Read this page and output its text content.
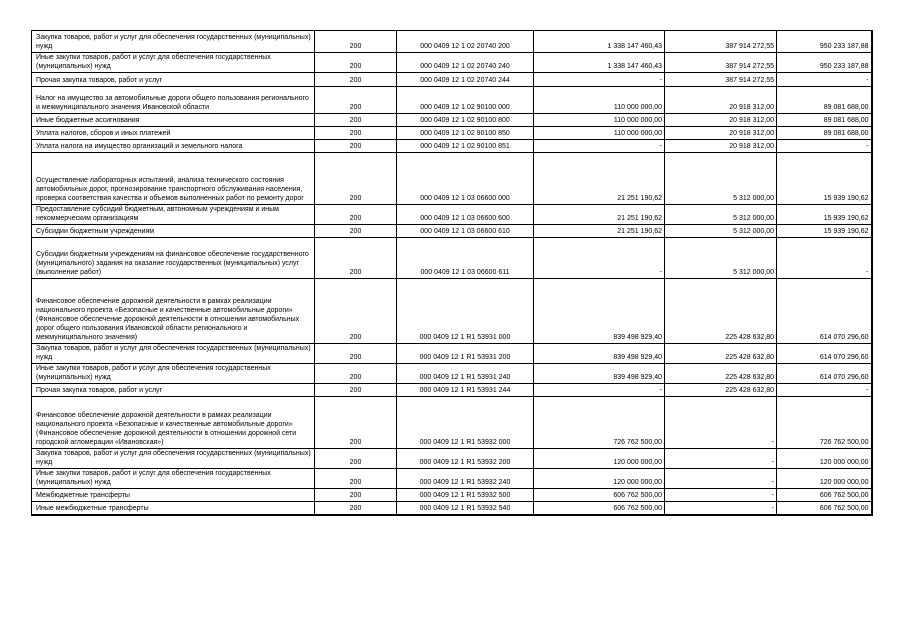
Закупка товаров, работ и услуг для обеспечения государственных (муниципальных) нужд	200	000 0409 12 1 02 20740 200	1 338 147 460,43	387 914 272,55	950 233 187,88
Иные закупки товаров, работ и услуг для обеспечения государственных (муниципальных) нужд	200	000 0409 12 1 02 20740 240	1 338 147 460,43	387 914 272,55	950 233 187,88
Прочая закупка товаров, работ и услуг	200	000 0409 12 1 02 20740 244	-	387 914 272,55	-
Налог на имущество за автомобильные дороги общего пользования регионального и межмуниципального значения Ивановской области	200	000 0409 12 1 02 90100 000	110 000 000,00	20 918 312,00	89 081 688,00
Иные бюджетные ассигнования	200	000 0409 12 1 02 90100 800	110 000 000,00	20 918 312,00	89 081 688,00
Уплата налогов, сборов и иных платежей	200	000 0409 12 1 02 90100 850	110 000 000,00	20 918 312,00	89 081 688,00
Уплата налога на имущество организаций и земельного налога	200	000 0409 12 1 02 90100 851	-	20 918 312,00	-
Осуществление лабораторных испытаний, анализа технического состояния автомобильных дорог, прогнозирование транспортного обслуживания населения, проверка соответствия качества и объемов выполненных работ по ремонту дорог	200	000 0409 12 1 03 06600 000	21 251 190,62	5 312 000,00	15 939 190,62
Предоставление субсидий бюджетным, автономным учреждениям и иным некоммерческим организациям	200	000 0409 12 1 03 06600 600	21 251 190,62	5 312 000,00	15 939 190,62
Субсидии бюджетным учреждениям	200	000 0409 12 1 03 06600 610	21 251 190,62	5 312 000,00	15 939 190,62
Субсидии бюджетным учреждениям на финансовое обеспечение государственного (муниципального) задания на оказание государственных (муниципальных) услуг (выполнение работ)	200	000 0409 12 1 03 06600 611	-	5 312 000,00	-
Финансовое обеспечение дорожной деятельности в рамках реализации национального проекта «Безопасные и качественные автомобильные дороги» (Финансовое обеспечение дорожной деятельности в отношении автомобильных дорог общего пользования Ивановской области регионального и межмуниципального значения)	200	000 0409 12 1 R1 53931 000	839 498 929,40	225 428 632,80	614 070 296,60
Закупка товаров, работ и услуг для обеспечения государственных (муниципальных) нужд	200	000 0409 12 1 R1 53931 200	839 498 929,40	225 428 632,80	614 070 296,60
Иные закупки товаров, работ и услуг для обеспечения государственных (муниципальных) нужд	200	000 0409 12 1 R1 53931 240	839 498 929,40	225 428 632,80	614 070 296,60
Прочая закупка товаров, работ и услуг	200	000 0409 12 1 R1 53931 244	-	225 428 632,80	-
Финансовое обеспечение дорожной деятельности в рамках реализации национального проекта «Безопасные и качественные автомобильные дороги» (Финансовое обеспечение дорожной деятельности в отношении дорожной сети городской агломерации «Ивановская»)	200	000 0409 12 1 R1 53932 000	726 762 500,00	-	726 762 500,00
Закупка товаров, работ и услуг для обеспечения государственных (муниципальных) нужд	200	000 0409 12 1 R1 53932 200	120 000 000,00	-	120 000 000,00
Иные закупки товаров, работ и услуг для обеспечения государственных (муниципальных) нужд	200	000 0409 12 1 R1 53932 240	120 000 000,00	-	120 000 000,00
Межбюджетные трансферты	200	000 0409 12 1 R1 53932 500	606 762 500,00	-	606 762 500,00
Иные межбюджетные трансферты	200	000 0409 12 1 R1 53932 540	606 762 500,00	-	606 762 500,00
